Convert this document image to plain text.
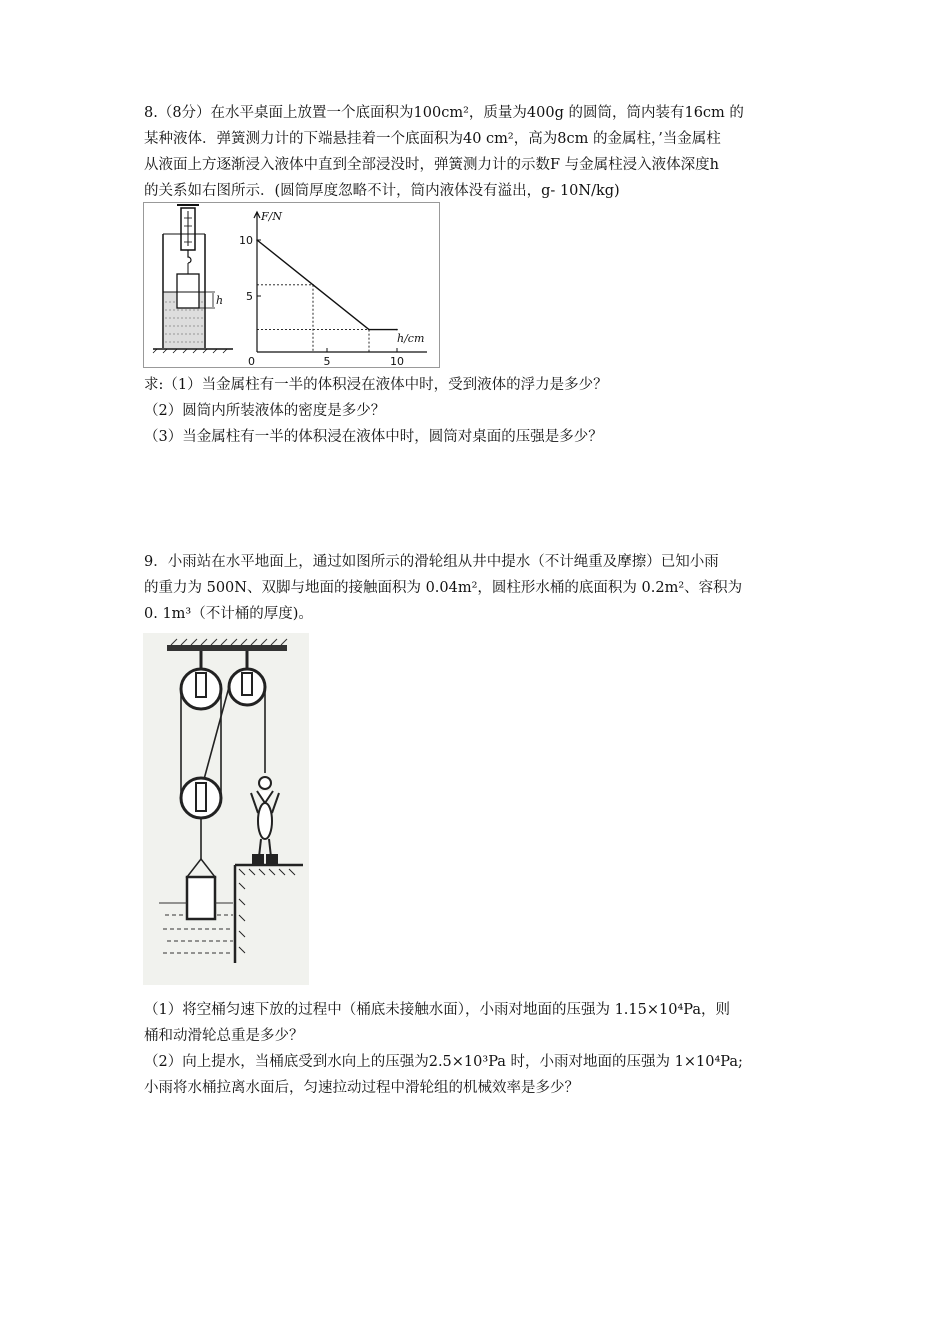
8.（8分）在水平桌面上放置一个底面积为100cm²，质量为400g 的圆筒，筒内装有16cm 的
某种液体．弹簧测力计的下端悬挂着一个底面积为40 cm²，高为8cm 的金属柱，’当金属柱
从液面上方逐渐浸入液体中直到全部浸没时，弹簧测力计的示数F 与金属柱浸入液体深度h
的关系如右图所示．(圆筒厚度忽略不计，筒内液体没有溢出，g- 10N/kg)
h
F/N
h/cm
0	5	10
10
5
求:（1）当金属柱有一半的体积浸在液体中时，受到液体的浮力是多少？
（2）圆筒内所装液体的密度是多少？
（3）当金属柱有一半的体积浸在液体中时，圆筒对桌面的压强是多少？
9．小雨站在水平地面上，通过如图所示的滑轮组从井中提水（不计绳重及摩擦）已知小雨
的重力为 500N、双脚与地面的接触面积为 0.04m²，圆柱形水桶的底面积为 0.2m²、容积为
0. 1m³（不计桶的厚度)。
（1）将空桶匀速下放的过程中（桶底未接触水面），小雨对地面的压强为 1.15×10⁴Pa，则
桶和动滑轮总重是多少？
（2）向上提水，当桶底受到水向上的压强为2.5×10³Pa 时，小雨对地面的压强为 1×10⁴Pa;
小雨将水桶拉离水面后，匀速拉动过程中滑轮组的机械效率是多少？
